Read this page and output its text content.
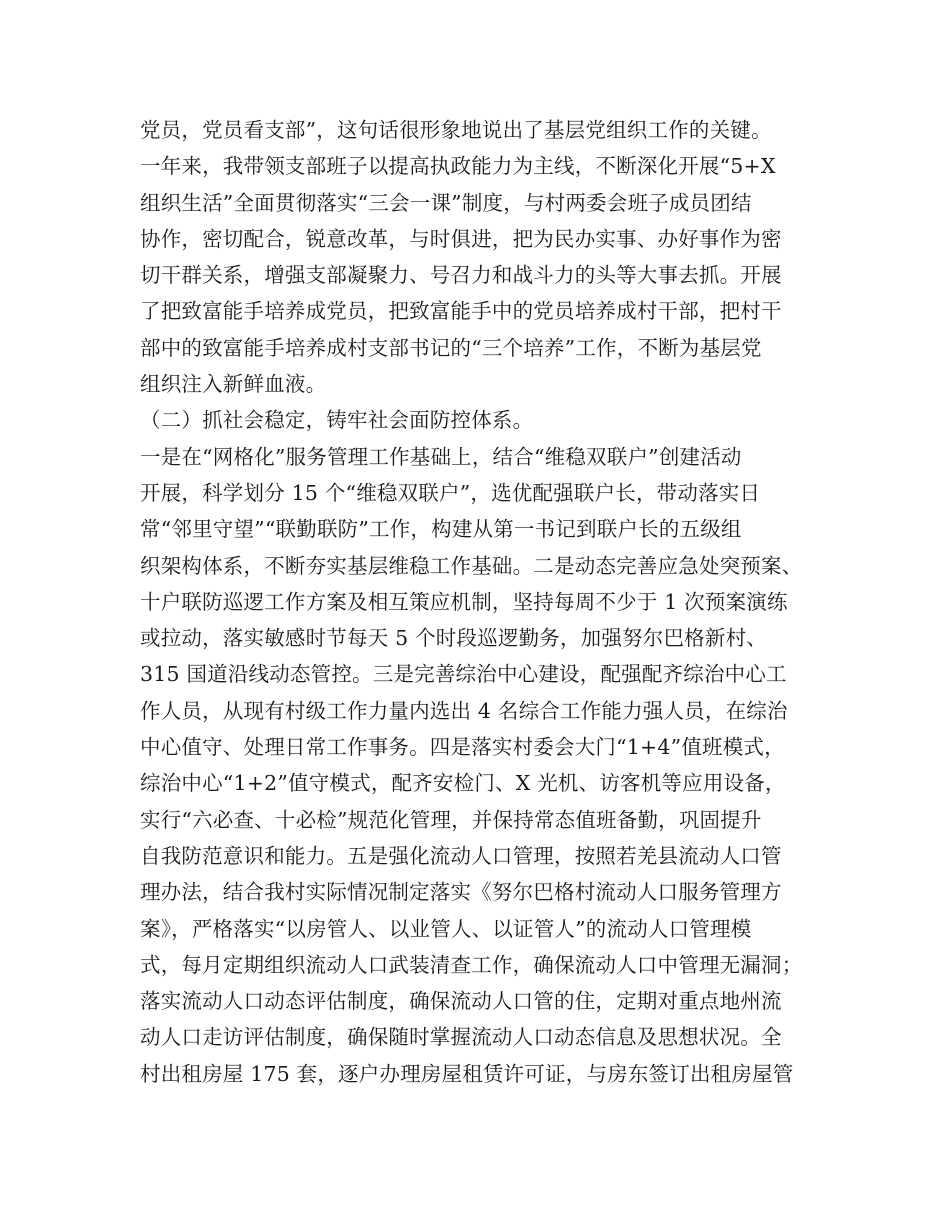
党员，党员看支部”，这句话很形象地说出了基层党组织工作的关键。
一年来，我带领支部班子以提高执政能力为主线，不断深化开展“5+X
组织生活”全面贯彻落实“三会一课”制度，与村两委会班子成员团结
协作，密切配合，锐意改革，与时俱进，把为民办实事、办好事作为密
切干群关系，增强支部凝聚力、号召力和战斗力的头等大事去抓。开展
了把致富能手培养成党员，把致富能手中的党员培养成村干部，把村干
部中的致富能手培养成村支部书记的“三个培养”工作，不断为基层党
组织注入新鲜血液。
（二）抓社会稳定，铸牢社会面防控体系。
一是在“网格化”服务管理工作基础上，结合“维稳双联户”创建活动
开展，科学划分 15 个“维稳双联户”，选优配强联户长，带动落实日
常“邻里守望”“联勤联防”工作，构建从第一书记到联户长的五级组
织架构体系，不断夯实基层维稳工作基础。二是动态完善应急处突预案、
十户联防巡逻工作方案及相互策应机制，坚持每周不少于 1 次预案演练
或拉动，落实敏感时节每天 5 个时段巡逻勤务，加强努尔巴格新村、
315 国道沿线动态管控。三是完善综治中心建设，配强配齐综治中心工
作人员，从现有村级工作力量内选出 4 名综合工作能力强人员，在综治
中心值守、处理日常工作事务。四是落实村委会大门“1+4”值班模式，
综治中心“1+2”值守模式，配齐安检门、X 光机、访客机等应用设备，
实行“六必查、十必检”规范化管理，并保持常态值班备勤，巩固提升
自我防范意识和能力。五是强化流动人口管理，按照若羌县流动人口管
理办法，结合我村实际情况制定落实《努尔巴格村流动人口服务管理方
案》，严格落实“以房管人、以业管人、以证管人”的流动人口管理模
式，每月定期组织流动人口武装清查工作，确保流动人口中管理无漏洞；
落实流动人口动态评估制度，确保流动人口管的住，定期对重点地州流
动人口走访评估制度，确保随时掌握流动人口动态信息及思想状况。全
村出租房屋 175 套，逐户办理房屋租赁许可证，与房东签订出租房屋管
